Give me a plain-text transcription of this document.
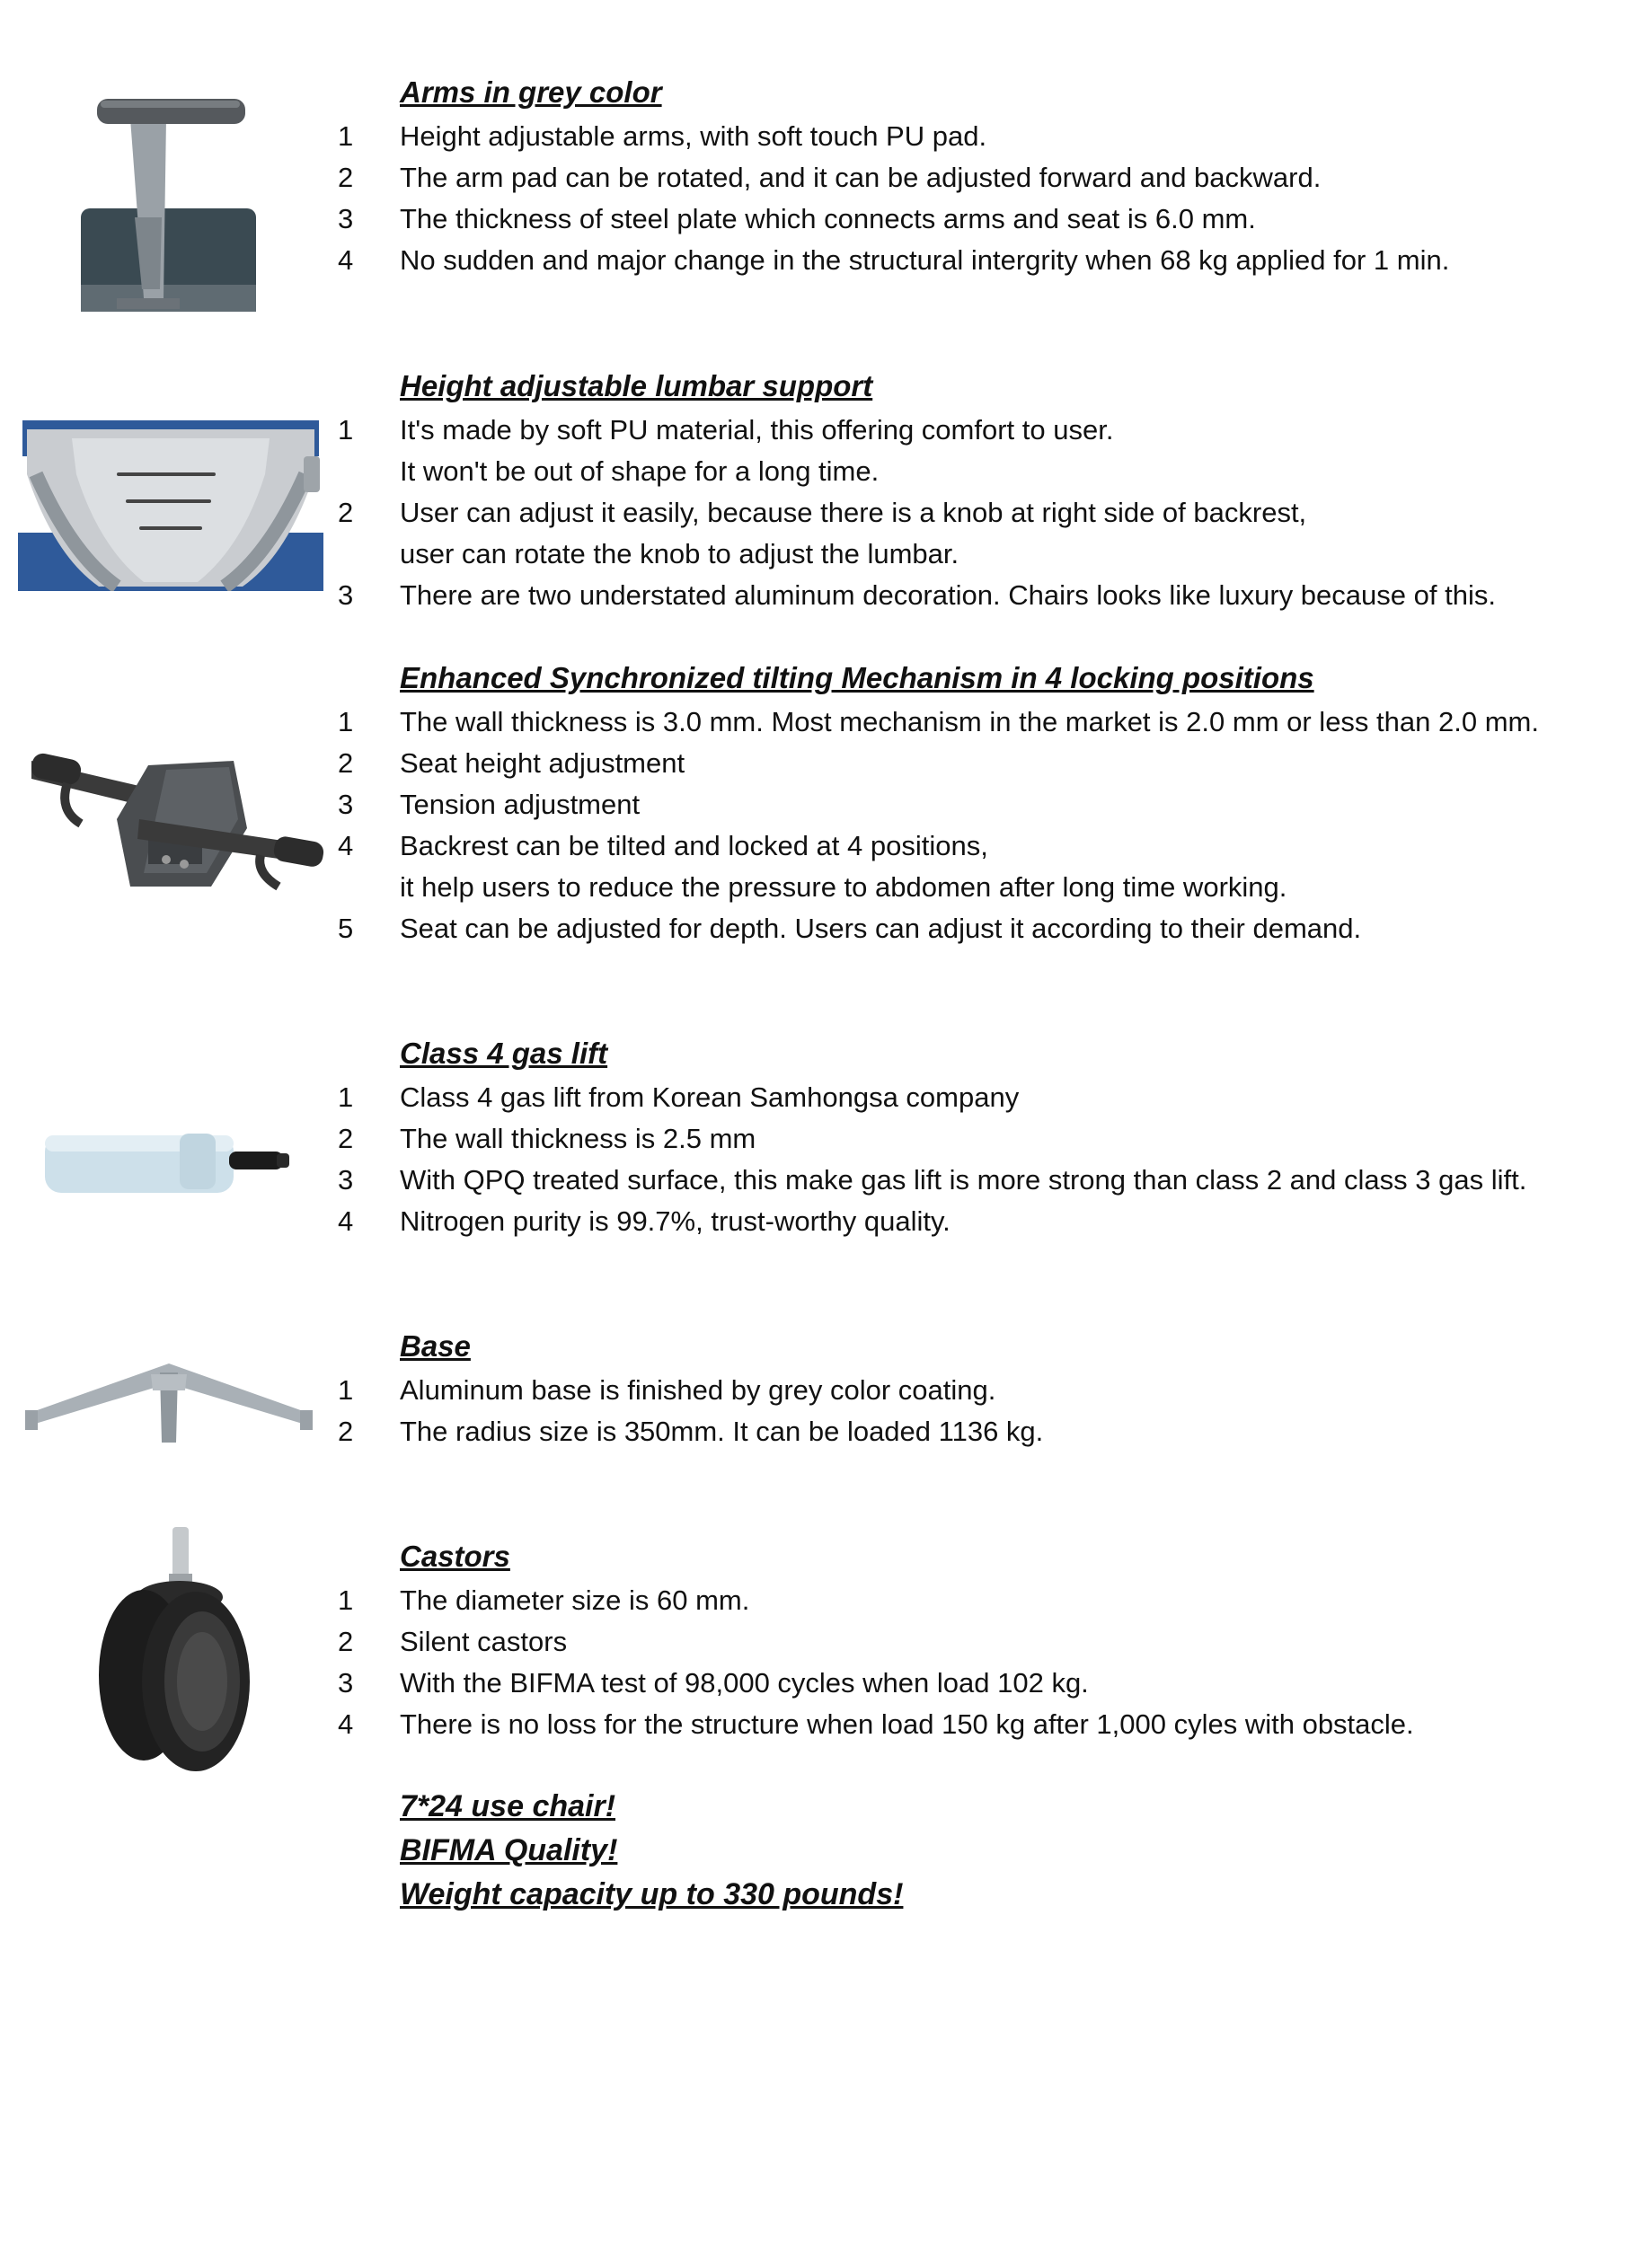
Arms in grey color
1	Height adjustable arms, with soft touch PU pad.
2	The arm pad can be rotated, and it can be adjusted forward and backward.
3	The thickness of steel plate which connects arms and seat is 6.0 mm.
4	No sudden and major change in the structural intergrity when 68 kg applied for 1 min.
Height adjustable lumbar support
1	It's made by soft PU material, this offering comfort to user.
It won't be out of shape for a long time.
2	User can adjust it easily, because there is a knob at right side of backrest,
user can rotate the knob to adjust the lumbar.
3	There are two understated aluminum decoration. Chairs looks like luxury because of this.
Enhanced Synchronized tilting Mechanism in 4 locking positions
1	The wall thickness is 3.0 mm. Most mechanism in the market is 2.0 mm or less than 2.0 mm.
2	Seat height adjustment
3	Tension adjustment
4	Backrest can be tilted and locked at 4 positions,
it help users to reduce the pressure to abdomen after long time working.
5	Seat can be adjusted for depth. Users can adjust it according to their demand.
Class 4 gas lift
1	Class 4 gas lift from Korean Samhongsa company
2	The wall thickness is 2.5 mm
3	With QPQ treated surface, this make gas lift is more strong than class 2 and class 3 gas lift.
4	Nitrogen purity is 99.7%, trust-worthy quality.
Base
1	Aluminum base is finished by grey color coating.
2	The radius size is 350mm. It can be loaded 1136 kg.
Castors
1	The diameter size is 60 mm.
2	Silent castors
3	With the BIFMA test of 98,000 cycles when load 102 kg.
4	There is no loss for the structure when load 150 kg after 1,000 cyles with obstacle.
7*24 use chair!
BIFMA Quality!
Weight capacity up to 330 pounds!
